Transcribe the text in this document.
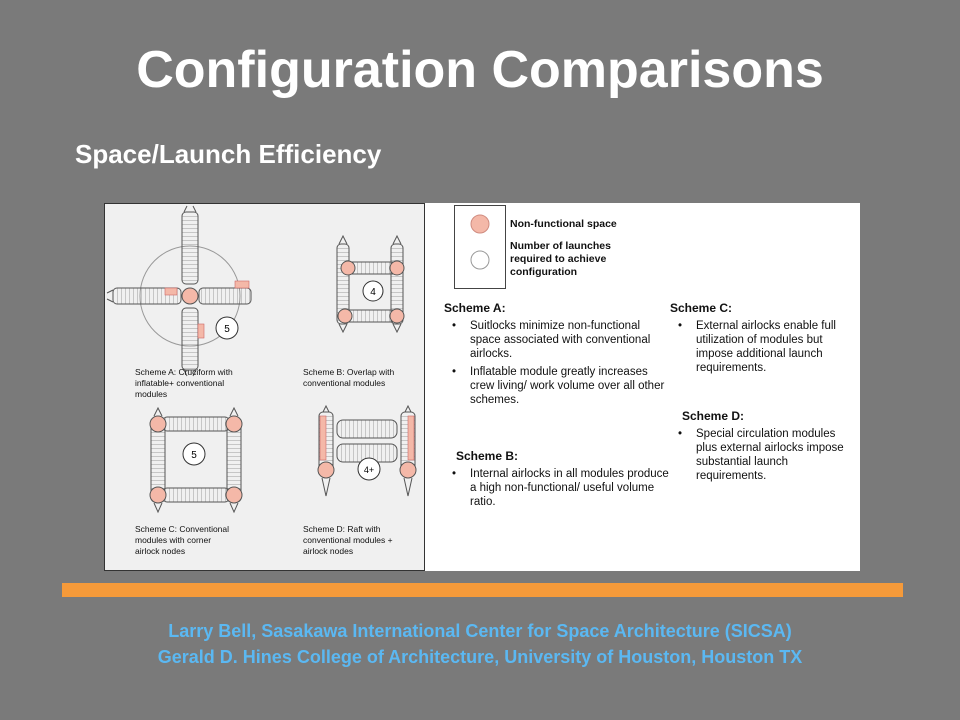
Configuration Comparisons
Space/Launch Efficiency
5
4
5
4+
Scheme A: Cruciform with
inflatable+ conventional
modules
Scheme B: Overlap with
conventional modules
Scheme C: Conventional
modules with corner
airlock nodes
Scheme D: Raft with
conventional modules +
airlock nodes
Non-functional space
Number of launches
required to achieve
configuration
Scheme A:
• Suitlocks minimize non-functional space associated with conventional airlocks.
• Inflatable module greatly increases crew living/ work volume over all other schemes.
Scheme B:
• Internal airlocks in all modules produce a high non-functional/ useful volume ratio.
Scheme C:
• External airlocks enable full utilization of modules but impose additional launch requirements.
Scheme D:
• Special circulation modules plus external airlocks impose substantial launch requirements.
Larry Bell, Sasakawa International Center for Space Architecture (SICSA)
Gerald D. Hines College of Architecture, University of Houston, Houston TX
